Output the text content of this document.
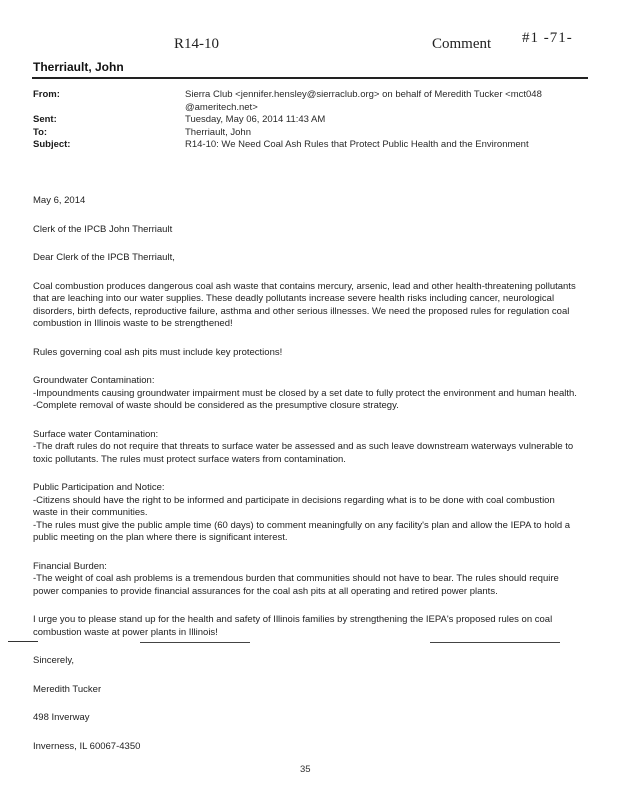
R14-10	Comment #1 -71-
Therriault, John
From:	Sierra Club <jennifer.hensley@sierraclub.org> on behalf of Meredith Tucker <mct048
@ameritech.net>
Sent:	Tuesday, May 06, 2014 11:43 AM
To:	Therriault, John
Subject:	R14-10: We Need Coal Ash Rules that Protect Public Health and the Environment

May 6, 2014

Clerk of the IPCB John Therriault

Dear Clerk of the IPCB Therriault,

Coal combustion produces dangerous coal ash waste that contains mercury, arsenic, lead and other health-threatening pollutants that are leaching into our water supplies. These deadly pollutants increase severe health risks including cancer, neurological disorders, birth defects, reproductive failure, asthma and other serious illnesses. We need the proposed rules for regulation coal combustion in Illinois waste to be strengthened!

Rules governing coal ash pits must include key protections!

Groundwater Contamination:

-Impoundments causing groundwater impairment must be closed by a set date to fully protect the environment and human health.

-Complete removal of waste should be considered as the presumptive closure strategy.

Surface water Contamination:

-The draft rules do not require that threats to surface water be assessed and as such leave downstream waterways vulnerable to toxic pollutants. The rules must protect surface waters from contamination.

Public Participation and Notice:

-Citizens should have the right to be informed and participate in decisions regarding what is to be done with coal combustion waste in their communities.

-The rules must give the public ample time (60 days) to comment meaningfully on any facility's plan and allow the IEPA to hold a public meeting on the plan where there is significant interest.

Financial Burden:

-The weight of coal ash problems is a tremendous burden that communities should not have to bear. The rules should require power companies to provide financial assurances for the coal ash pits at all operating and retired power plants.

I urge you to please stand up for the health and safety of Illinois families by strengthening the IEPA's proposed rules on coal combustion waste at power plants in Illinois!

Sincerely,

Meredith Tucker

498 Inverway

Inverness, IL 60067-4350

35
